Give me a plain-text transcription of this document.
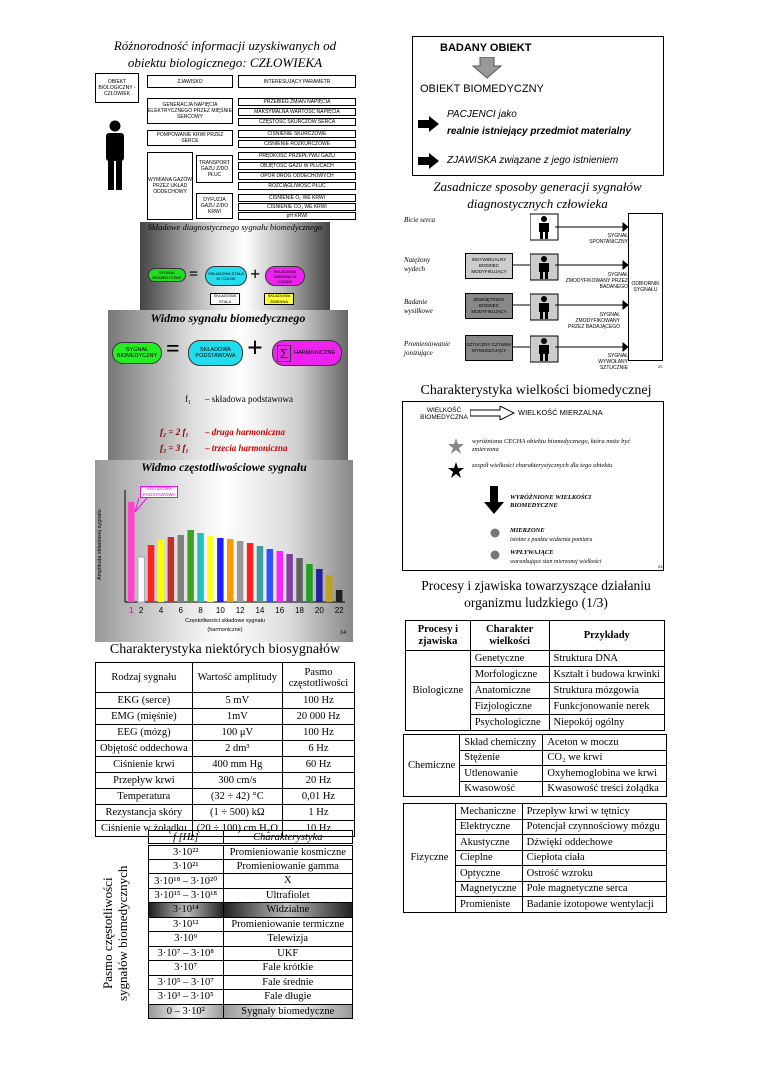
Różnorodność informacji uzyskiwanych od obiektu biologicznego: CZŁOWIEKA
OBIEKT BIOLOGICZNY - CZŁOWIEK
ZJAWISKO	INTERESUJĄCY PARAMETR
GENERACJA NAPIĘCIA ELEKTRYCZNEGO PRZEZ MIĘŚNIE SERCOWY
PRZEBIEG ZMIAN NAPIĘCIA
MAKSYMALNA WARTOŚĆ NAPIĘCIA
CZĘSTOŚĆ SKURCZÓW SERCA
POMPOWANIE KRWI PRZEZ SERCE
CIŚNIENIE SKURCZOWE
CIŚNIENIE ROZKURCZOWE
WYMIANA GAZÓW PRZEZ UKŁAD ODDECHOWY
TRANSPORT GAZU Z/DO PŁUC
PRĘDKOŚĆ PRZEPŁYWU GAZU
OBJĘTOŚĆ GAZU W PŁUCACH
OPÓR DRÓG ODDECHOWYCH
ROZCIĄGLIWOŚĆ PŁUC
DYFUZJA GAZU Z/DO KRWI
CIŚNIENIE O₂ WE KRWI
CIŚNIENIE CO₂ WE KRWI
pH KRWI
Składowe diagnostycznego sygnału biomedycznego
SYGNAŁ BIOMEDYCZNY =	SKŁADOWA STAŁA W CZASIE +	SKŁADOWA ZMIENNA W CZASIE
SKŁADOWA STAŁA
SKŁADOWA ZMIENNA
Widmo sygnału biomedycznego
SYGNAŁ BIOMEDYCZNY =	SKŁADOWA PODSTAWOWA + Σ	HARMONICZNE
f₁ – składowa podstawowa
f₂ = 2 f₁ – druga harmoniczna
f₃ = 3 f₁ – trzecia harmoniczna
Widmo częstotliwościowe sygnału
Amplituda składowej sygnału
1 2 4 6 8 10 12 14 16 18 20 22
SKŁADOWA PODSTAWOWA
Częstotliwości składowe sygnału
(harmoniczne)	14
Charakterystyka niektórych biosygnałów
Rodzaj sygnału	Wartość amplitudy	Pasmo częstotliwości
EKG (serce)	5 mV	100 Hz
EMG (mięśnie)	1mV	20 000 Hz
EEG (mózg)	100 μV	100 Hz
Objętość oddechowa	2 dm³	6 Hz
Ciśnienie krwi	400 mm Hg	60 Hz
Przepływ krwi	300 cm/s	20 Hz
Temperatura	(32 ÷ 42) °C	0,01 Hz
Rezystancja skóry	(1 ÷ 500) kΩ	1 Hz
Ciśnienie w żołądku	(20 ÷ 100) cm H₂O	10 Hz
Pasmo częstotliwości
sygnałów biomedycznych
f [Hz]	Charakterystyka
3·10²²	Promieniowanie kosmiczne
3·10²¹	Promieniowanie gamma
3·10¹⁸ – 3·10²⁰	X
3·10¹⁵ – 3·10¹⁸	Ultrafiolet
3·10¹⁴	Widzialne
3·10¹²	Promieniowanie termiczne
3·10⁹	Telewizja
3·10⁷ – 3·10⁸	UKF
3·10⁷	Fale krótkie
3·10⁵ – 3·10⁷	Fale średnie
3·10³ – 3·10⁵	Fale długie
0 – 3·10²	Sygnały biomedyczne
BADANY OBIEKT
OBIEKT BIOMEDYCZNY
PACJENCI jako
realnie istniejący przedmiot materialny
ZJAWISKA związane z jego istnieniem
Zasadnicze sposoby generacji sygnałów diagnostycznych człowieka
Bicie serca
Natężony wydech
Badanie wysiłkowe
Promieniowanie jonizujące
INDYWIDUALNY BODZIEC MODYFIKUJĄCY
ZEWNĘTRZNY BODZIEC MODYFIKUJĄCY
SZTUCZNY CZYNNIK WYMUSZAJĄCY
SYGNAŁ SPONTANICZNY
SYGNAŁ ZMODYFIKOWANY PRZEZ BADANEGO
SYGNAŁ ZMODYFIKOWANY PRZEZ BADAJĄCEGO
SYGNAŁ WYWOŁANY SZTUCZNIE
ODBIORNIK SYGNAŁU
20
Charakterystyka wielkości biomedycznej
WIELKOŚĆ BIOMEDYCZNA
WIELKOŚĆ MIERZALNA
wyróżniona CECHA obiektu biomedycznego, która może być zmierzona
zespół wielkości charakterystycznych dla tego obiektu
WYRÓŻNIONE WIELKOŚCI BIOMEDYCZNE
MIERZONE
istotne z punktu widzenia pomiaru
WPŁYWAJĄCE
warunkujące stan mierzonej wielkości
23
Procesy i zjawiska towarzyszące działaniu organizmu ludzkiego (1/3)
Procesy i zjawiska	Charakter wielkości	Przykłady
Biologiczne	Genetyczne	Struktura DNA
	Morfologiczne	Kształt i budowa krwinki
	Anatomiczne	Struktura mózgowia
	Fizjologiczne	Funkcjonowanie nerek
	Psychologiczne	Niepokój ogólny
Chemiczne	Skład chemiczny	Aceton w moczu
	Stężenie	CO₂ we krwi
	Utlenowanie	Oxyhemoglobina we krwi
	Kwasowość	Kwasowość treści żołądka
Fizyczne	Mechaniczne	Przepływ krwi w tętnicy
	Elektryczne	Potencjał czynnościowy mózgu
	Akustyczne	Dźwięki oddechowe
	Cieplne	Ciepłota ciała
	Optyczne	Ostrość wzroku
	Magnetyczne	Pole magnetyczne serca
	Promieniste	Badanie izotopowe wentylacji
